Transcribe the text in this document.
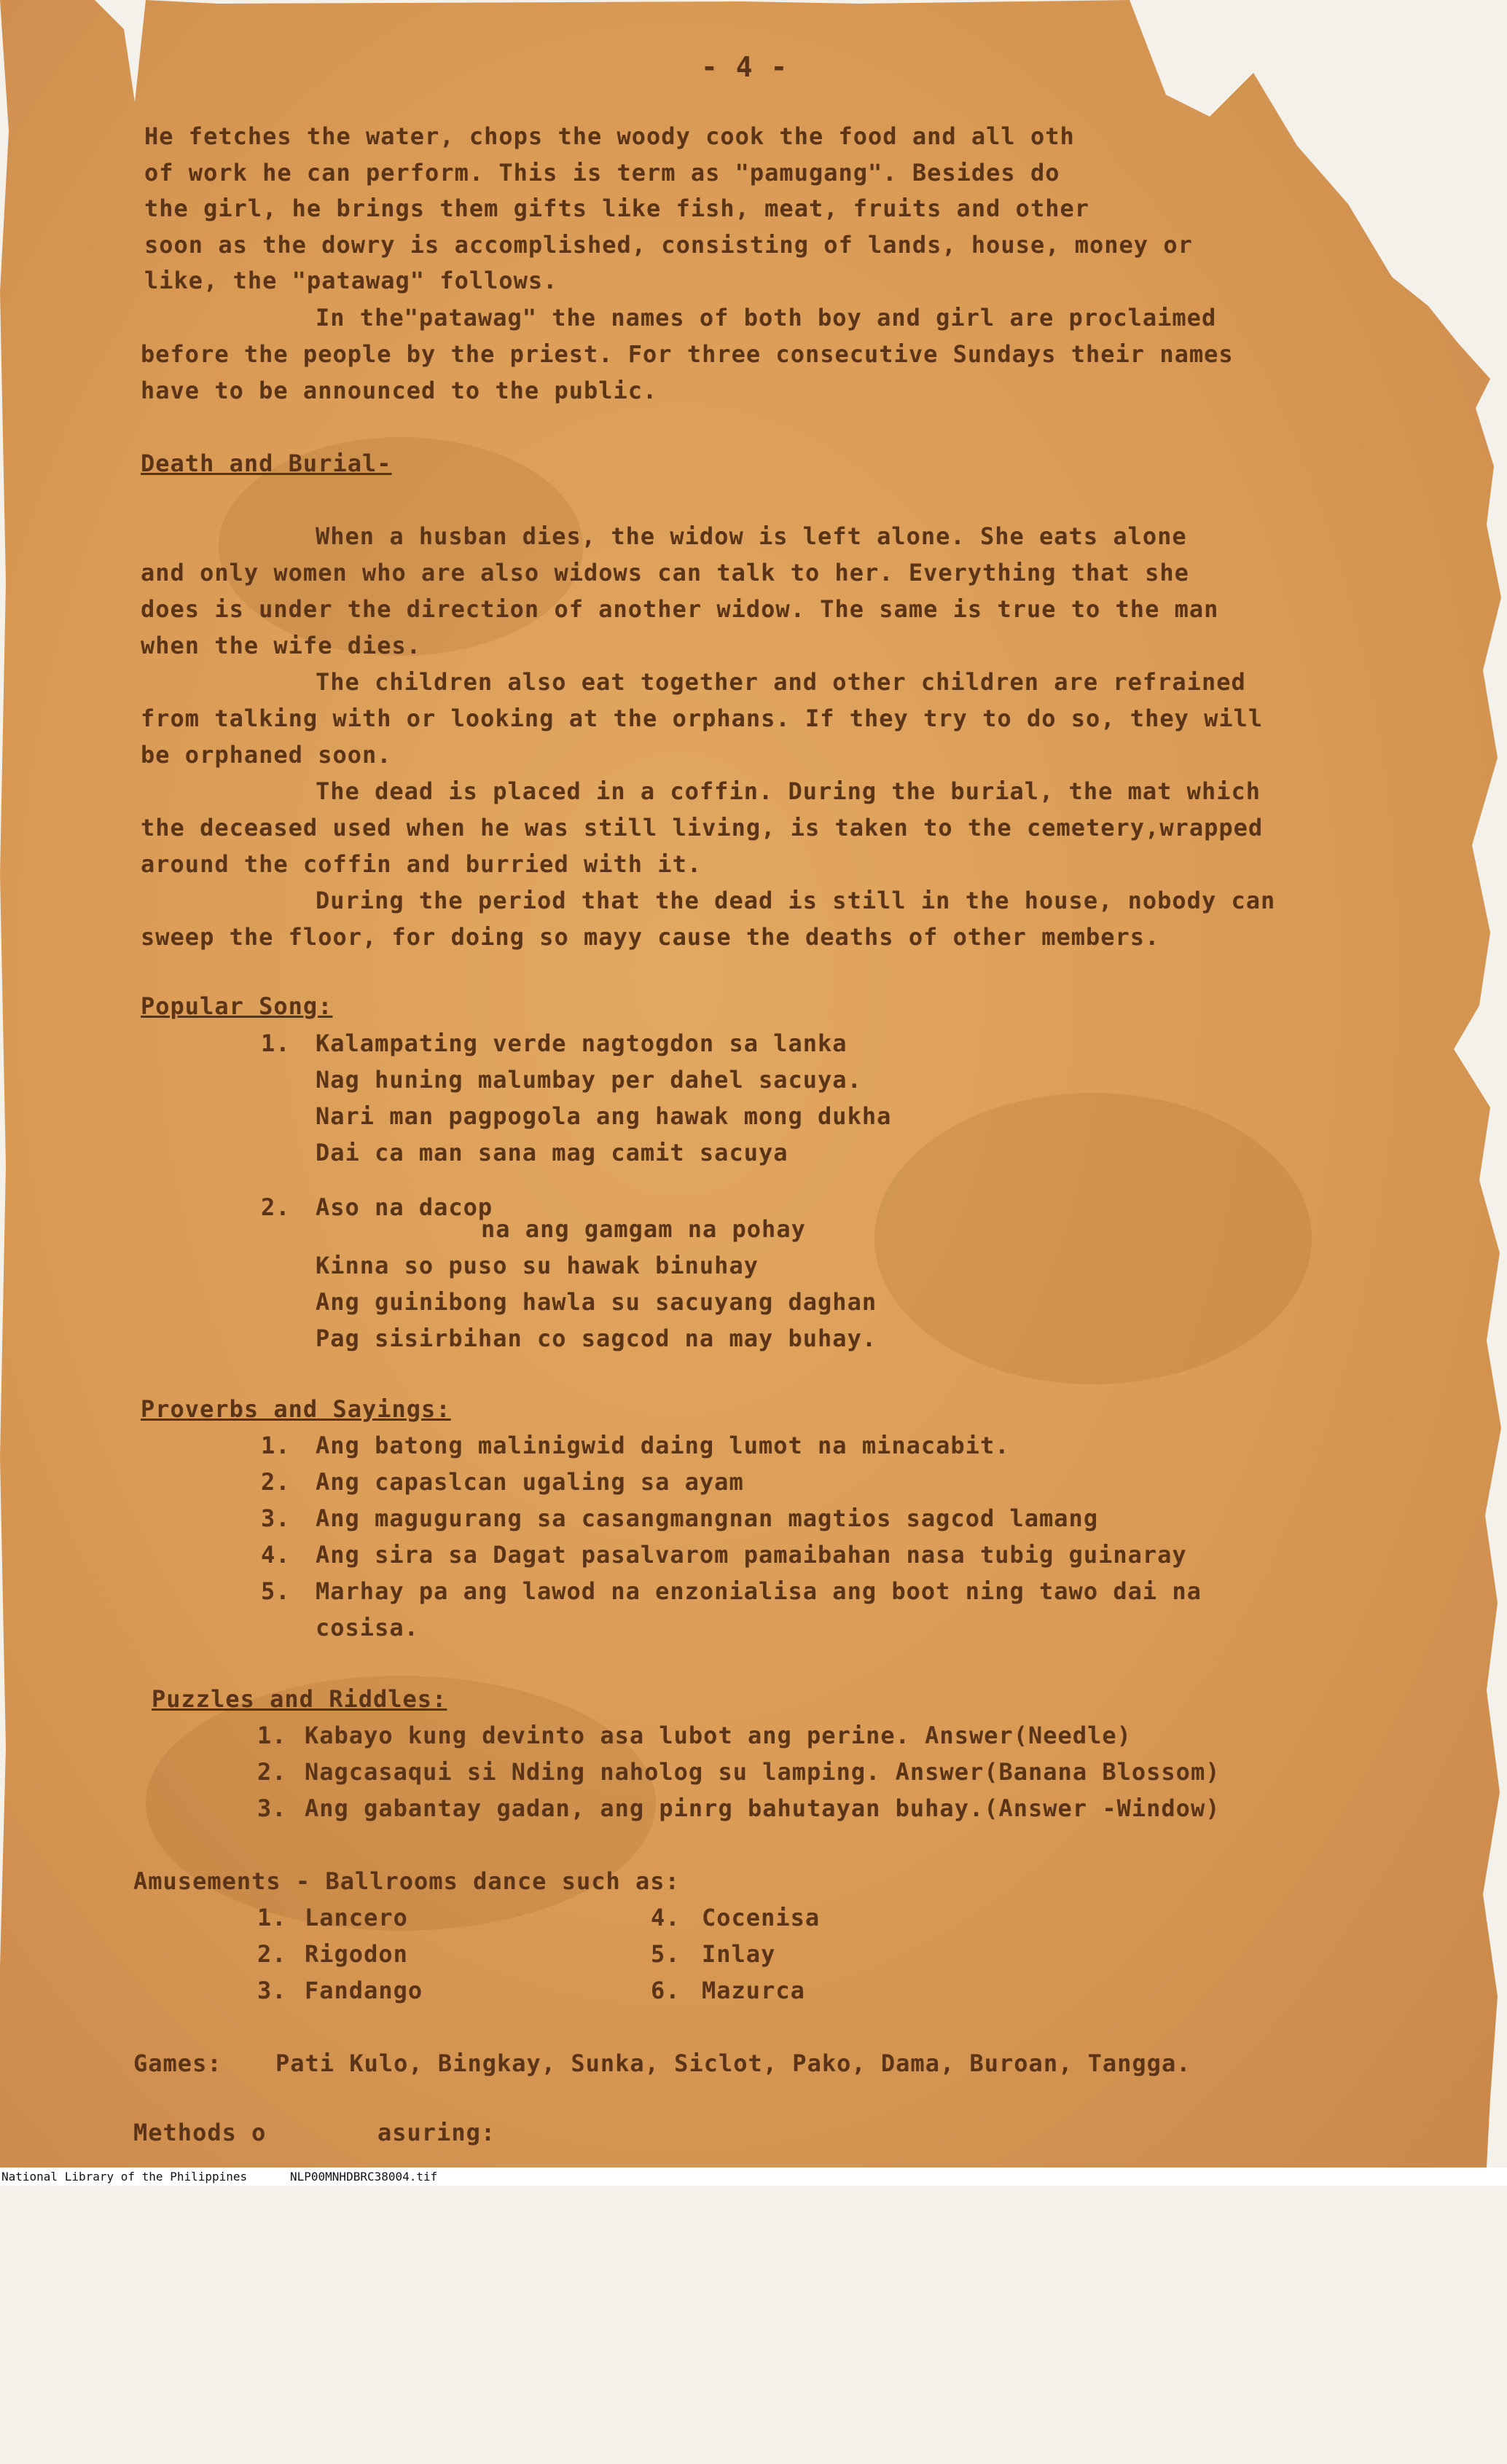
- 4 -

He fetches the water, chops the woody cook the food and all oth

of work he can perform. This is term as "pamugang". Besides do

the girl, he brings them gifts like fish, meat, fruits and other

soon as the dowry is accomplished, consisting of lands, house, money or

like, the "patawag" follows.

In the"patawag" the names of both boy and girl are proclaimed

before the people by the priest. For three consecutive Sundays their names

have to be announced to the public.

Death and Burial-

When a husban dies, the widow is left alone. She eats alone

and only women who are also widows can talk to her. Everything that she

does is under the direction of another widow. The same is true to the man

when the wife dies.

The children also eat together and other children are refrained

from talking with or looking at the orphans. If they try to do so, they will

be orphaned soon.

The dead is placed in a coffin. During the burial, the mat which

the deceased used when he was still living, is taken to the cemetery,wrapped

around the coffin and burried with it.

During the period that the dead is still in the house, nobody can

sweep the floor, for doing so mayy cause the deaths of other members.

Popular Song:

1.

Kalampating verde nagtogdon sa lanka

Nag huning malumbay per dahel sacuya.

Nari man pagpogola ang hawak mong dukha

Dai ca man sana mag camit sacuya

2.

Aso na dacop

na ang gamgam na pohay

Kinna so puso su hawak binuhay

Ang guinibong hawla su sacuyang daghan

Pag sisirbihan co sagcod na may buhay.

Proverbs and Sayings:

1.

Ang batong malinigwid daing lumot na minacabit.

2.

Ang capaslcan ugaling sa ayam

3.

Ang magugurang sa casangmangnan magtios sagcod lamang

4.

Ang sira sa Dagat pasalvarom pamaibahan nasa tubig guinaray

5.

Marhay pa ang lawod na enzonialisa ang boot ning tawo dai na

cosisa.

Puzzles and Riddles:

1.

Kabayo kung devinto asa lubot ang perine. Answer(Needle)

2.

Nagcasaqui si Nding naholog su lamping. Answer(Banana Blossom)

3.

Ang gabantay gadan, ang pinrg bahutayan buhay.(Answer -Window)

Amusements - Ballrooms dance such as:

1.

Lancero

2.

Rigodon

3.

Fandango

4.

Cocenisa

5.

Inlay

6.

Mazurca

Games:

Pati Kulo, Bingkay, Sunka, Siclot, Pako, Dama, Buroan, Tangga.

Methods o

	asuring:

National Library of the Philippines	NLP00MNHDBRC38004.tif
